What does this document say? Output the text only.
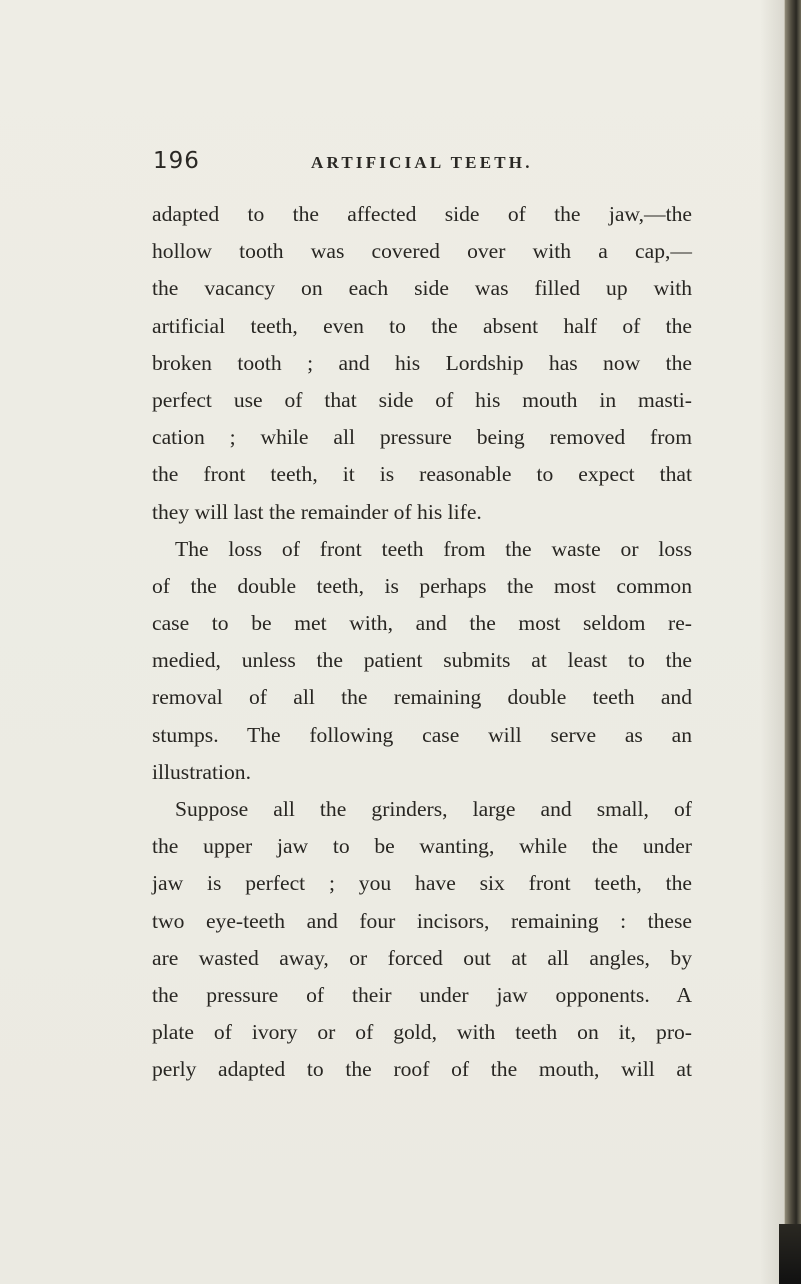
196	ARTIFICIAL TEETH.
adapted to the affected side of the jaw,—the
hollow tooth was covered over with a cap,—
the vacancy on each side was filled up with
artificial teeth, even to the absent half of the
broken tooth ; and his Lordship has now the
perfect use of that side of his mouth in masti-
cation ; while all pressure being removed from
the front teeth, it is reasonable to expect that
they will last the remainder of his life.
The loss of front teeth from the waste or loss
of the double teeth, is perhaps the most common
case to be met with, and the most seldom re-
medied, unless the patient submits at least to the
removal of all the remaining double teeth and
stumps. The following case will serve as an
illustration.
Suppose all the grinders, large and small, of
the upper jaw to be wanting, while the under
jaw is perfect ; you have six front teeth, the
two eye-teeth and four incisors, remaining : these
are wasted away, or forced out at all angles, by
the pressure of their under jaw opponents. A
plate of ivory or of gold, with teeth on it, pro-
perly adapted to the roof of the mouth, will at
